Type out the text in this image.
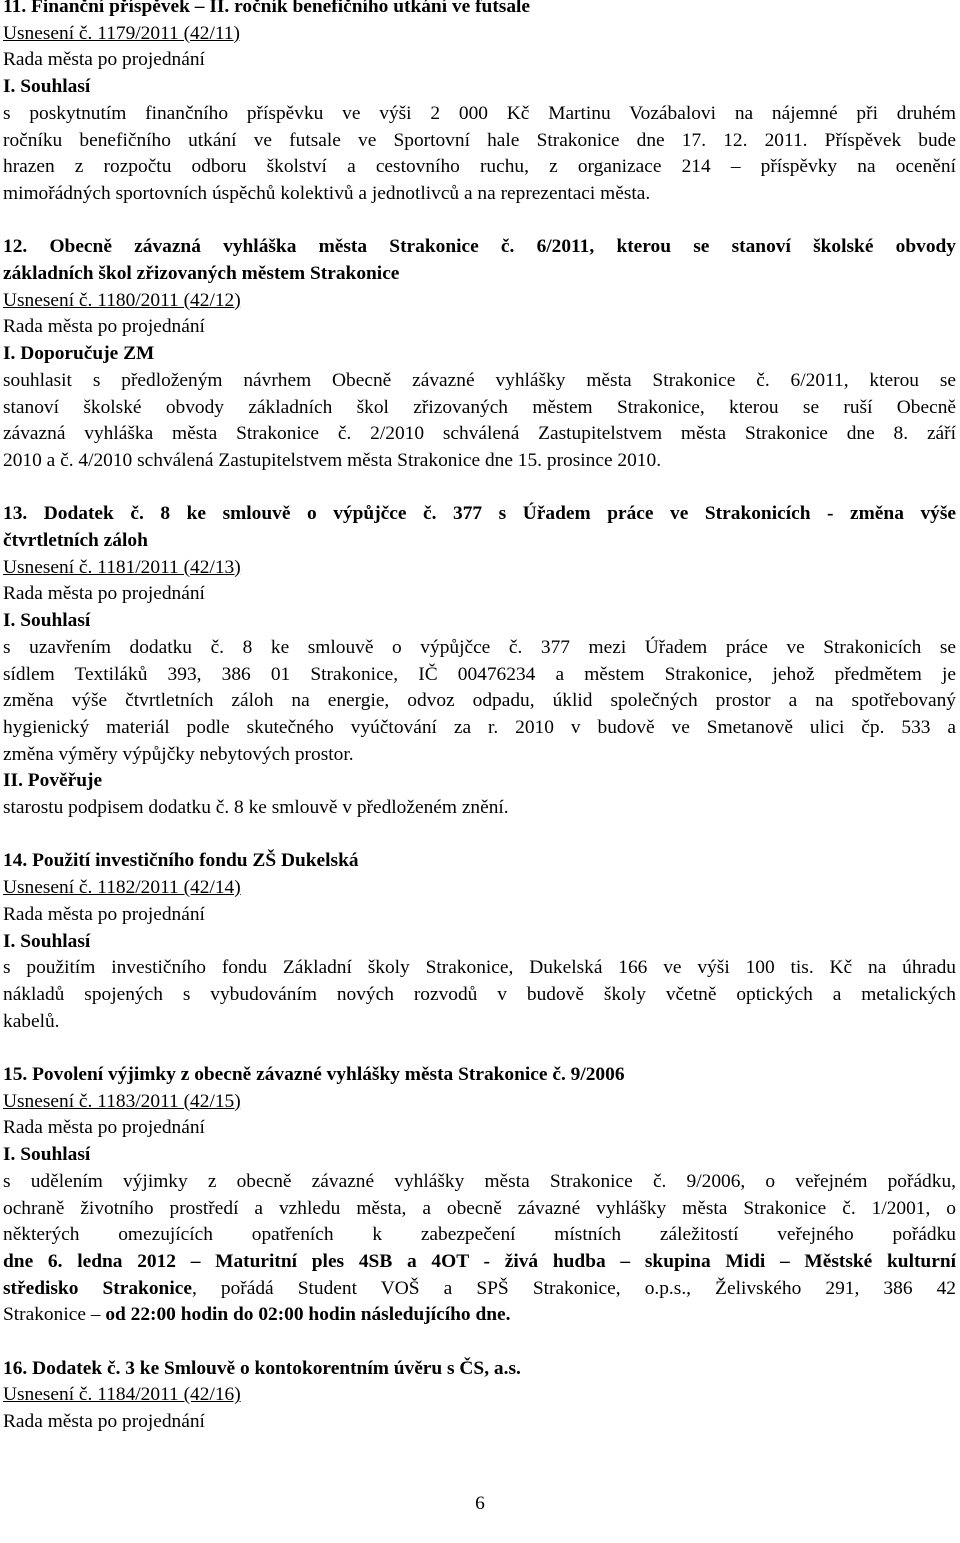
11. Finanční příspěvek – II. ročník benefičního utkání ve futsale
Usnesení č. 1179/2011 (42/11)
Rada města po projednání
I. Souhlasí
s poskytnutím finančního příspěvku ve výši 2 000 Kč Martinu Vozábalovi na nájemné při druhém
ročníku benefičního utkání ve futsale ve Sportovní hale Strakonice dne 17. 12. 2011. Příspěvek bude
hrazen z rozpočtu odboru školství a cestovního ruchu, z organizace 214 – příspěvky na ocenění
mimořádných sportovních úspěchů kolektivů a jednotlivců a na reprezentaci města.
12. Obecně závazná vyhláška města Strakonice č. 6/2011, kterou se stanoví školské obvody
základních škol zřizovaných městem Strakonice
Usnesení č. 1180/2011 (42/12)
Rada města po projednání
I. Doporučuje ZM
souhlasit s předloženým návrhem Obecně závazné vyhlášky města Strakonice č. 6/2011, kterou se
stanoví školské obvody základních škol zřizovaných městem Strakonice, kterou se ruší Obecně
závazná vyhláška města Strakonice č. 2/2010 schválená Zastupitelstvem města Strakonice dne 8. září
2010 a č. 4/2010 schválená Zastupitelstvem města Strakonice dne 15. prosince 2010.
13. Dodatek č. 8 ke smlouvě o výpůjčce č. 377 s Úřadem práce ve Strakonicích - změna výše
čtvrtletních záloh
Usnesení č. 1181/2011 (42/13)
Rada města po projednání
I. Souhlasí
s uzavřením dodatku č. 8 ke smlouvě o výpůjčce č. 377 mezi Úřadem práce ve Strakonicích se
sídlem Textiláků 393, 386 01 Strakonice, IČ 00476234 a městem Strakonice, jehož předmětem je
změna výše čtvrtletních záloh na energie, odvoz odpadu, úklid společných prostor a na spotřebovaný
hygienický materiál podle skutečného vyúčtování za r. 2010 v budově ve Smetanově ulici čp. 533 a
změna výměry výpůjčky nebytových prostor.
II. Pověřuje
starostu podpisem dodatku č. 8 ke smlouvě v předloženém znění.
14. Použití investičního fondu ZŠ Dukelská
Usnesení č. 1182/2011 (42/14)
Rada města po projednání
I. Souhlasí
s použitím investičního fondu Základní školy Strakonice, Dukelská 166 ve výši 100 tis. Kč na úhradu
nákladů spojených s vybudováním nových rozvodů v budově školy včetně optických a metalických
kabelů.
15. Povolení výjimky z obecně závazné vyhlášky města Strakonice č. 9/2006
Usnesení č. 1183/2011 (42/15)
Rada města po projednání
I. Souhlasí
s udělením výjimky z obecně závazné vyhlášky města Strakonice č. 9/2006, o veřejném pořádku,
ochraně životního prostředí a vzhledu města, a obecně závazné vyhlášky města Strakonice č. 1/2001, o
některých omezujících opatřeních k zabezpečení místních záležitostí veřejného pořádku
dne 6. ledna 2012 – Maturitní ples 4SB a 4OT - živá hudba – skupina Midi – Městské kulturní
středisko Strakonice, pořádá Student VOŠ a SPŠ Strakonice, o.p.s., Želivského 291, 386 42
Strakonice – od 22:00 hodin do 02:00 hodin následujícího dne.
16. Dodatek č. 3 ke Smlouvě o kontokorentním úvěru s ČS, a.s.
Usnesení č. 1184/2011 (42/16)
Rada města po projednání
6
